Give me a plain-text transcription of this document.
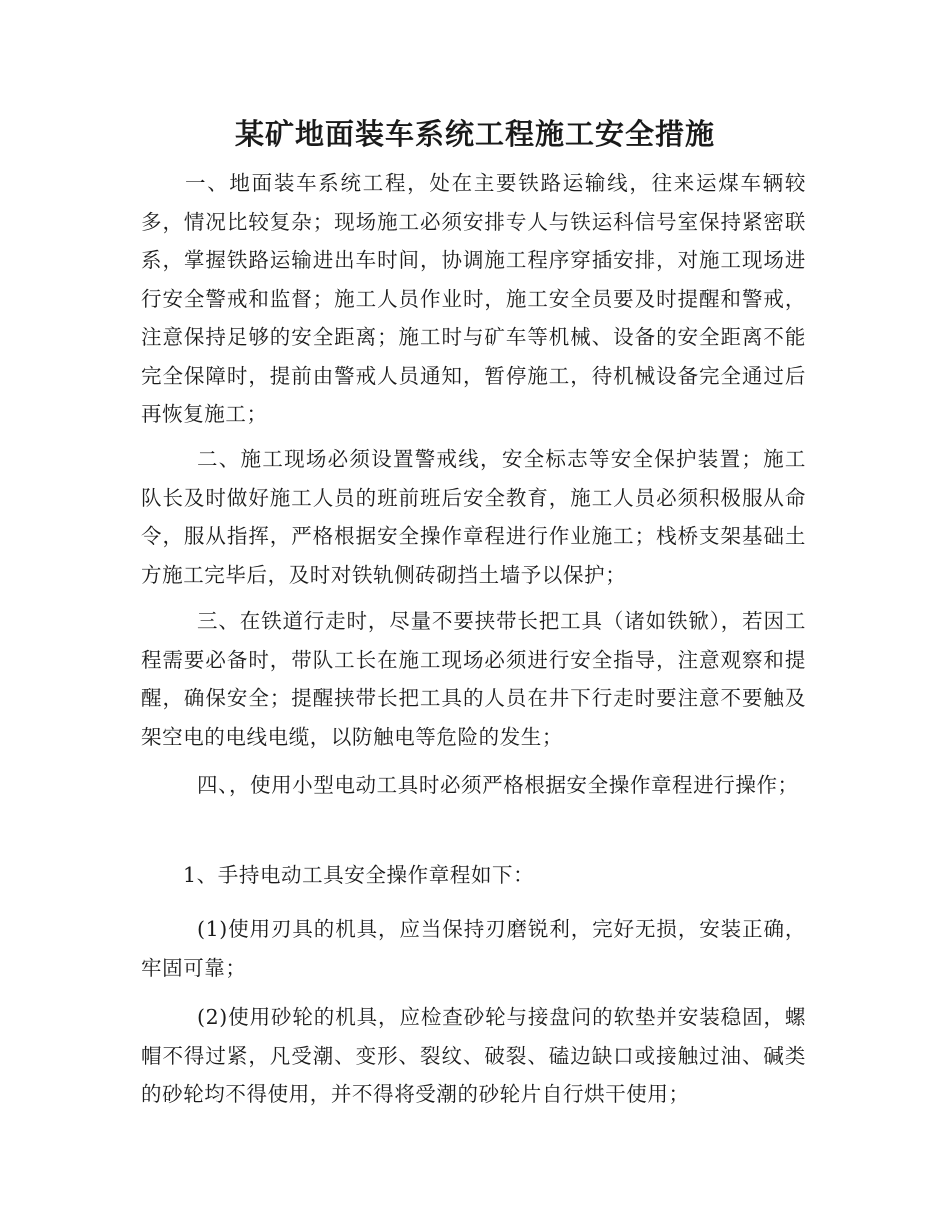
某矿地面装车系统工程施工安全措施

一、地面装车系统工程，处在主要铁路运输线，往来运煤车辆较多，情况比较复杂；现场施工必须安排专人与铁运科信号室保持紧密联系，掌握铁路运输进出车时间，协调施工程序穿插安排，对施工现场进行安全警戒和监督；施工人员作业时，施工安全员要及时提醒和警戒，注意保持足够的安全距离；施工时与矿车等机械、设备的安全距离不能完全保障时，提前由警戒人员通知，暂停施工，待机械设备完全通过后再恢复施工；

二、施工现场必须设置警戒线，安全标志等安全保护装置；施工队长及时做好施工人员的班前班后安全教育，施工人员必须积极服从命令，服从指挥，严格根据安全操作章程进行作业施工；栈桥支架基础土方施工完毕后，及时对铁轨侧砖砌挡土墙予以保护；

三、在铁道行走时，尽量不要挟带长把工具（诸如铁锨），若因工程需要必备时，带队工长在施工现场必须进行安全指导，注意观察和提醒，确保安全；提醒挟带长把工具的人员在井下行走时要注意不要触及架空电的电线电缆，以防触电等危险的发生；

四、，使用小型电动工具时必须严格根据安全操作章程进行操作；

1、手持电动工具安全操作章程如下：

(1)使用刃具的机具，应当保持刃磨锐利，完好无损，安装正确，牢固可靠；

(2)使用砂轮的机具，应检查砂轮与接盘问的软垫并安装稳固，螺帽不得过紧，凡受潮、变形、裂纹、破裂、磕边缺口或接触过油、碱类的砂轮均不得使用，并不得将受潮的砂轮片自行烘干使用；
